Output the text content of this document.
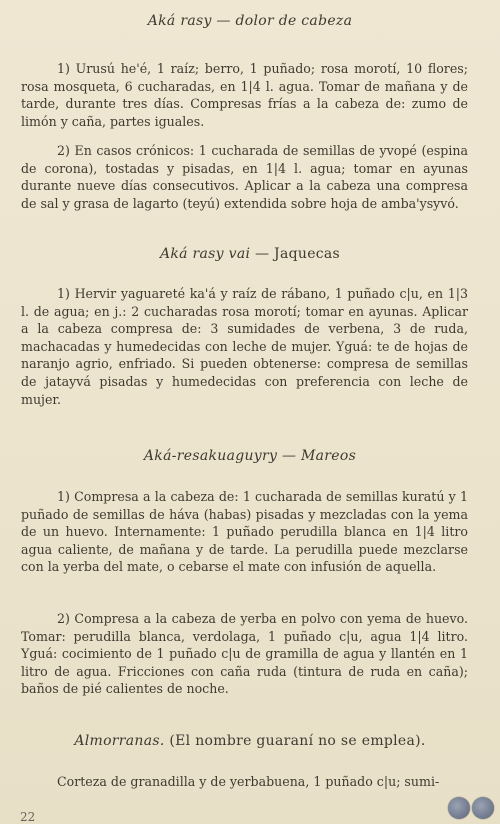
Aká rasy — dolor de cabeza

1) Urusú he'é, 1 raíz; berro, 1 puñado; rosa morotí, 10 flores; rosa mosqueta, 6 cucharadas, en 1|4 l. agua. Tomar de mañana y de tarde, durante tres días. Compresas frías a la cabeza de: zumo de limón y caña, partes iguales.

2) En casos crónicos: 1 cucharada de semillas de yvopé (espina de corona), tostadas y pisadas, en 1|4 l. agua; tomar en ayunas durante nueve días consecutivos. Aplicar a la cabeza una compresa de sal y grasa de lagarto (teyú) extendida sobre hoja de amba'ysyvó.

Aká rasy vai — Jaquecas

1) Hervir yaguareté ka'á y raíz de rábano, 1 puñado c|u, en 1|3 l. de agua; en j.: 2 cucharadas rosa morotí; tomar en ayunas. Aplicar a la cabeza compresa de: 3 sumidades de verbena, 3 de ruda, machacadas y humedecidas con leche de mujer. Yguá: te de hojas de naranjo agrio, enfriado. Si pueden obtenerse: compresa de semillas de jatayvá pisadas y humedecidas con preferencia con leche de mujer.

Aká-resakuaguyry — Mareos

1) Compresa a la cabeza de: 1 cucharada de semillas kuratú y 1 puñado de semillas de háva (habas) pisadas y mezcladas con la yema de un huevo. Internamente: 1 puñado perudilla blanca en 1|4 litro agua caliente, de mañana y de tarde. La perudilla puede mezclarse con la yerba del mate, o cebarse el mate con infusión de aquella.

2) Compresa a la cabeza de yerba en polvo con yema de huevo. Tomar: perudilla blanca, verdolaga, 1 puñado c|u, agua 1|4 litro. Yguá: cocimiento de 1 puñado c|u de gramilla de agua y llantén en 1 litro de agua. Fricciones con caña ruda (tintura de ruda en caña); baños de pié calientes de noche.

Almorranas. (El nombre guaraní no se emplea).
Corteza de granadilla y de yerbabuena, 1 puñado c|u; sumi-
22
